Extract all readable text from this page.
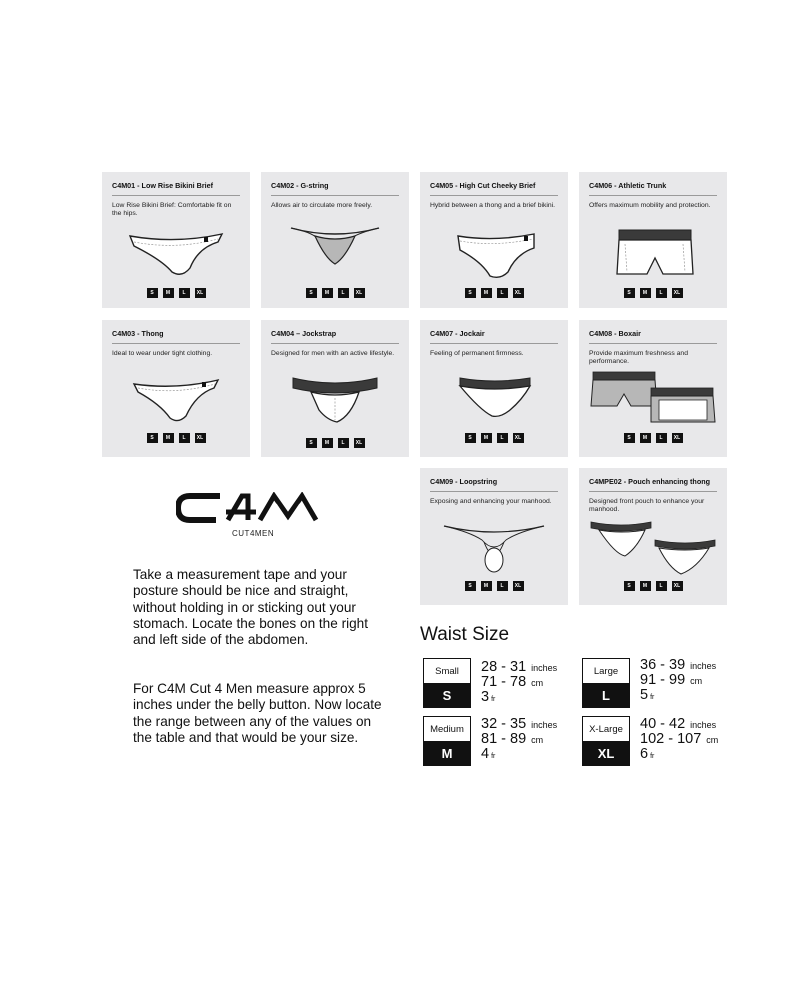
C4M01 - Low Rise Bikini Brief
Low Rise Bikini Brief: Comfortable fit on the hips.
S	M	L	XL
C4M02 - G-string
Allows air to circulate more freely.
S	M	L	XL
C4M05 - High Cut Cheeky Brief
Hybrid between a thong and a brief bikini.
S	M	L	XL
C4M06 - Athletic Trunk
Offers maximum mobility and protection.
S	M	L	XL
C4M03 - Thong
Ideal to wear under tight clothing.
S	M	L	XL
C4M04 – Jockstrap
Designed for men with an active lifestyle.
S	M	L	XL
C4M07 - Jockair
Feeling of permanent firmness.
S	M	L	XL
C4M08 - Boxair
Provide maximum freshness and performance.
S	M	L	XL
C4M09 - Loopstring
Exposing and enhancing your manhood.
S	M	L	XL
C4MPE02 - Pouch enhancing thong
Designed front pouch to enhance your manhood.
S	M	L	XL
CUT4MEN
Take a measurement tape and your posture should be nice and straight, without holding in or sticking out your stomach. Locate the bones on the right and left side of the abdomen.
For C4M Cut 4 Men measure approx 5 inches under the belly button. Now locate the range between any of the values on the table and that would be your size.
Waist Size
Small
S
28 - 31 inches
71 - 78 cm
3 fr
Large
L
36 - 39 inches
91 - 99 cm
5 fr
Medium
M
32 - 35 inches
81 - 89 cm
4 fr
X-Large
XL
40 - 42 inches
102 - 107 cm
6 fr
